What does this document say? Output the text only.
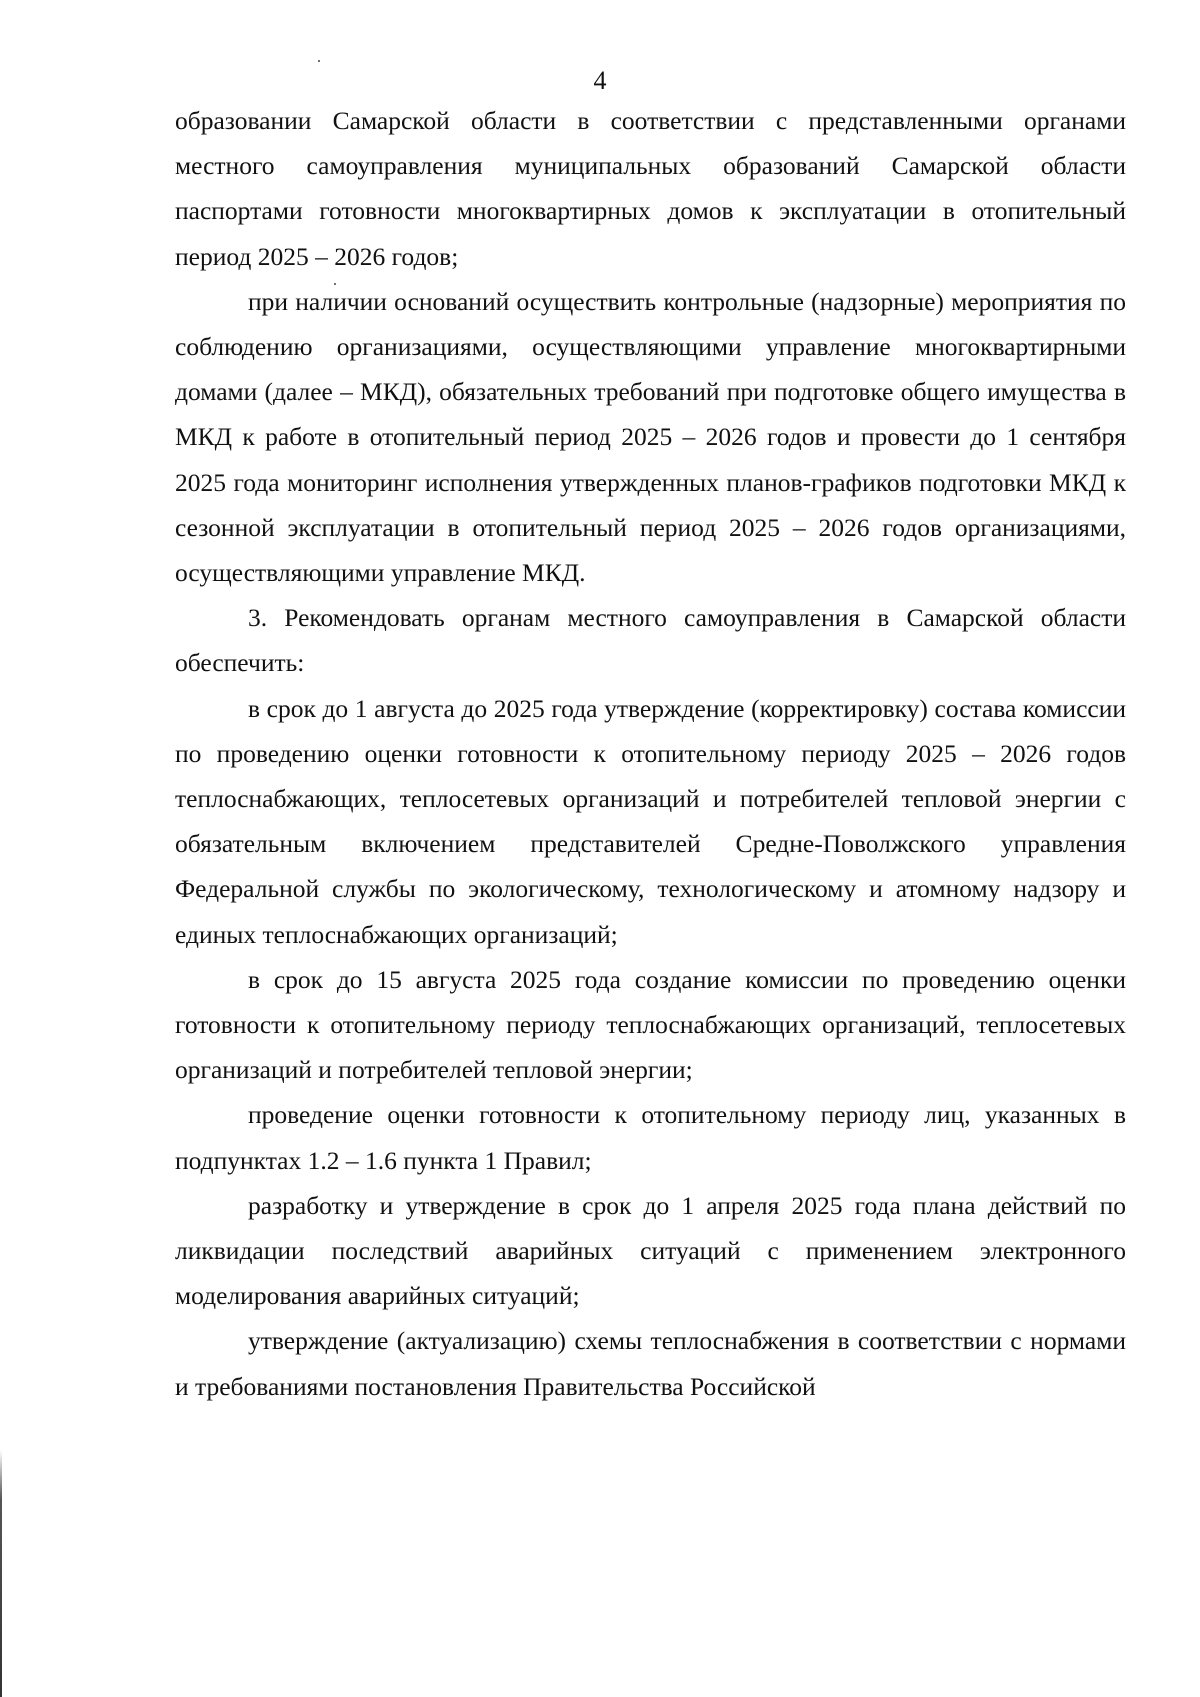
4

образовании Самарской области в соответствии с представленными органами местного самоуправления муниципальных образований Самарской области паспортами готовности многоквартирных домов к эксплуатации в отопительный период 2025 – 2026 годов;

при наличии оснований осуществить контрольные (надзорные) мероприятия по соблюдению организациями, осуществляющими управление многоквартирными домами (далее – МКД), обязательных требований при подготовке общего имущества в МКД к работе в отопительный период 2025 – 2026 годов и провести до 1 сентября 2025 года мониторинг исполнения утвержденных планов-графиков подготовки МКД к сезонной эксплуатации в отопительный период 2025 – 2026 годов организациями, осуществляющими управление МКД.

3. Рекомендовать органам местного самоуправления в Самарской области обеспечить:

в срок до 1 августа до 2025 года утверждение (корректировку) состава комиссии по проведению оценки готовности к отопительному периоду 2025 – 2026 годов теплоснабжающих, теплосетевых организаций и потребителей тепловой энергии с обязательным включением представителей Средне-Поволжского управления Федеральной службы по экологическому, технологическому и атомному надзору и единых теплоснабжающих организаций;

в срок до 15 августа 2025 года создание комиссии по проведению оценки готовности к отопительному периоду теплоснабжающих организаций, теплосетевых организаций и потребителей тепловой энергии;

проведение оценки готовности к отопительному периоду лиц, указанных в подпунктах 1.2 – 1.6 пункта 1 Правил;

разработку и утверждение в срок до 1 апреля 2025 года плана действий по ликвидации последствий аварийных ситуаций с применением электронного моделирования аварийных ситуаций;

утверждение (актуализацию) схемы теплоснабжения в соответствии с нормами и требованиями постановления Правительства Российской
